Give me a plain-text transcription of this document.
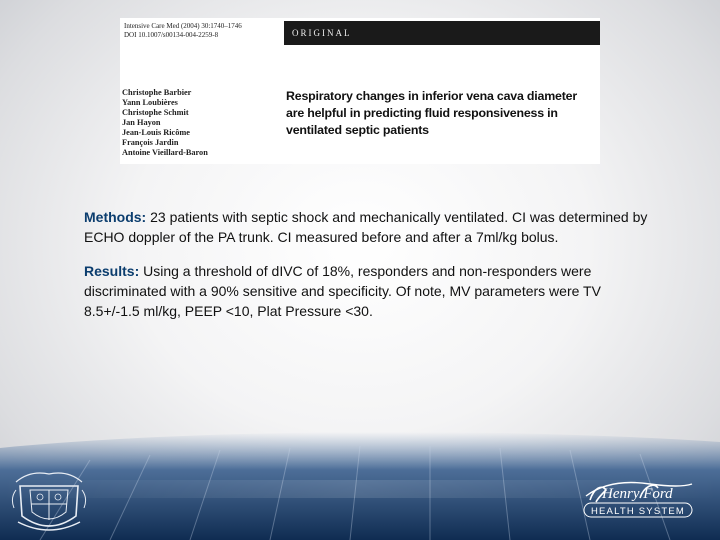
Intensive Care Med (2004) 30:1740–1746
DOI 10.1007/s00134-004-2259-8	ORIGINAL
Christophe Barbier
Yann Loubières
Christophe Schmit
Jan Hayon
Jean-Louis Ricôme
François Jardin
Antoine Vieillard-Baron
Respiratory changes in inferior vena cava diameter are helpful in predicting fluid responsiveness in ventilated septic patients

Methods: 23 patients with septic shock and mechanically ventilated. CI was determined by ECHO doppler of the PA trunk. CI measured before and after a 7ml/kg bolus.

Results: Using a threshold of dIVC of 18%, responders and non-responders were discriminated with a 90% sensitive and specificity. Of note, MV parameters were TV 8.5+/-1.5 ml/kg, PEEP <10, Plat Pressure <30.

Henry Ford
HEALTH SYSTEM
